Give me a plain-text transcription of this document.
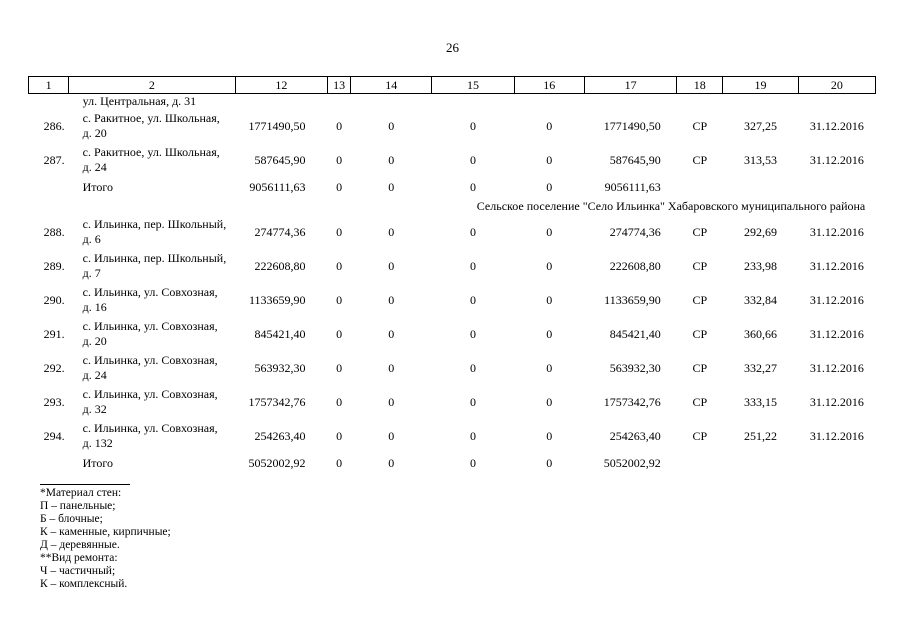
26
1	2	12	13	14	15	16	17	18	19	20
	ул. Центральная, д. 31									
286.	с. Ракитное, ул. Школьная,
д. 20	1771490,50	0	0	0	0	1771490,50	СР	327,25	31.12.2016
287.	с. Ракитное, ул. Школьная,
д. 24	587645,90	0	0	0	0	587645,90	СР	313,53	31.12.2016
	Итого	9056111,63	0	0	0	0	9056111,63			

Сельское поселение "Село Ильинка" Хабаровского муниципального района										

288.	с. Ильинка, пер. Школьный,
д. 6	274774,36	0	0	0	0	274774,36	СР	292,69	31.12.2016
289.	с. Ильинка, пер. Школьный,
д. 7	222608,80	0	0	0	0	222608,80	СР	233,98	31.12.2016
290.	с. Ильинка, ул. Совхозная,
д. 16	1133659,90	0	0	0	0	1133659,90	СР	332,84	31.12.2016
291.	с. Ильинка, ул. Совхозная,
д. 20	845421,40	0	0	0	0	845421,40	СР	360,66	31.12.2016
292.	с. Ильинка, ул. Совхозная,
д. 24	563932,30	0	0	0	0	563932,30	СР	332,27	31.12.2016
293.	с. Ильинка, ул. Совхозная,
д. 32	1757342,76	0	0	0	0	1757342,76	СР	333,15	31.12.2016
294.	с. Ильинка, ул. Совхозная,
д. 132	254263,40	0	0	0	0	254263,40	СР	251,22	31.12.2016
	Итого	5052002,92	0	0	0	0	5052002,92			
*Материал стен:
П – панельные;
Б – блочные;
К – каменные, кирпичные;
Д – деревянные.
**Вид ремонта:
Ч – частичный;
К – комплексный.
